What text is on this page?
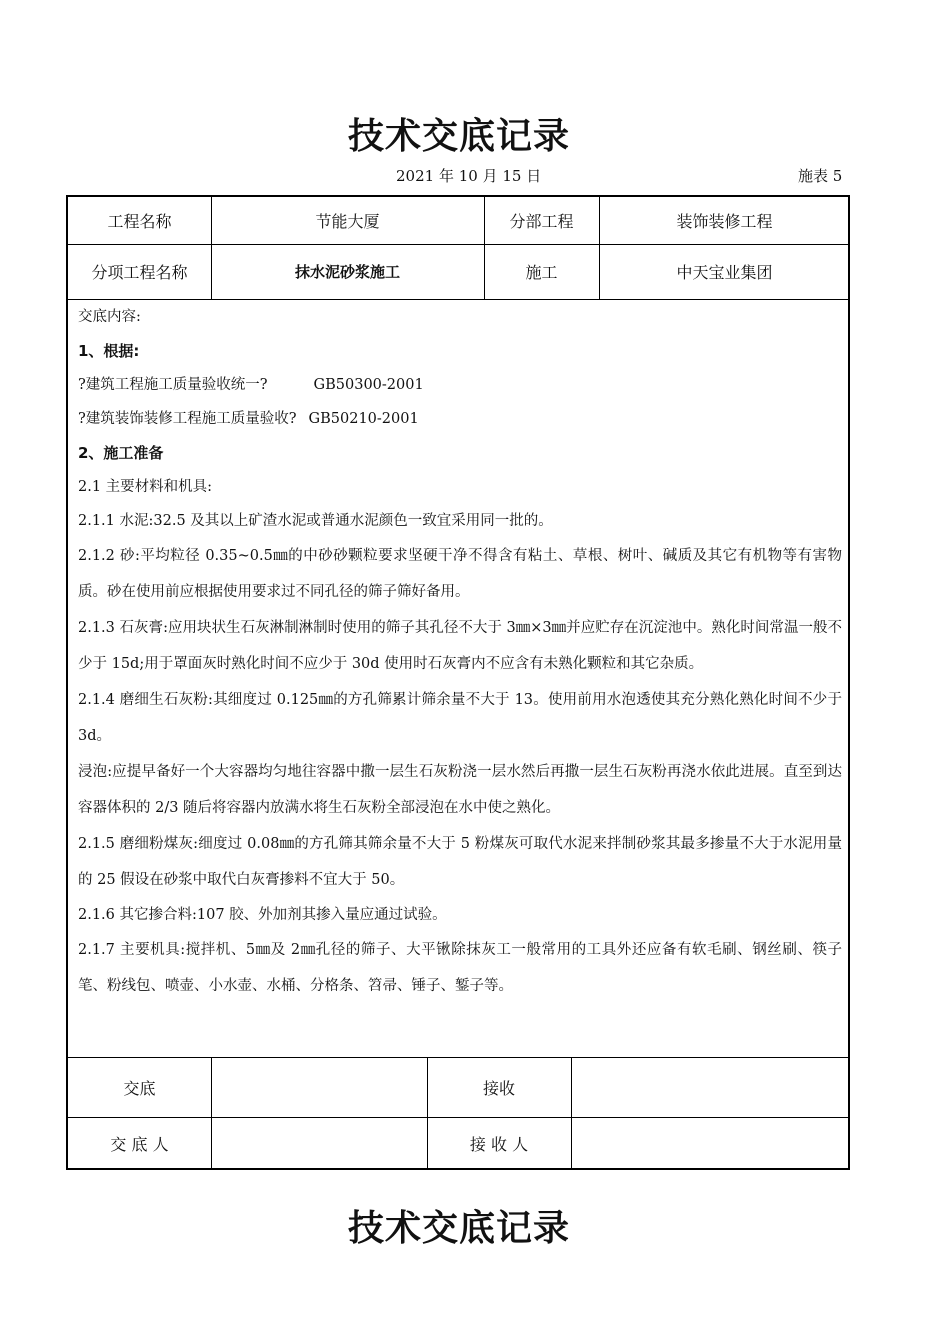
技术交底记录
2021 年 10 月 15 日	施表 5
工程名称	节能大厦	分部工程	装饰装修工程
分项工程名称	抹水泥砂浆施工	施工	中天宝业集团
交底内容:
1、根据:
?建筑工程施工质量验收统一?	GB50300-2001
?建筑装饰装修工程施工质量验收? GB50210-2001
2、施工准备
2.1 主要材料和机具:
2.1.1 水泥:32.5 及其以上矿渣水泥或普通水泥颜色一致宜采用同一批的。
2.1.2 砂:平均粒径 0.35~0.5㎜的中砂砂颗粒要求坚硬干净不得含有粘土、草根、树叶、碱质及其它有机物等有害物质。砂在使用前应根据使用要求过不同孔径的筛子筛好备用。
2.1.3 石灰膏:应用块状生石灰淋制淋制时使用的筛子其孔径不大于 3㎜×3㎜并应贮存在沉淀池中。熟化时间常温一般不少于 15d;用于罩面灰时熟化时间不应少于 30d 使用时石灰膏内不应含有未熟化颗粒和其它杂质。
2.1.4 磨细生石灰粉:其细度过 0.125㎜的方孔筛累计筛余量不大于 13。使用前用水泡透使其充分熟化熟化时间不少于 3d。
浸泡:应提早备好一个大容器均匀地往容器中撒一层生石灰粉浇一层水然后再撒一层生石灰粉再浇水依此进展。直至到达容器体积的 2/3 随后将容器内放满水将生石灰粉全部浸泡在水中使之熟化。
2.1.5 磨细粉煤灰:细度过 0.08㎜的方孔筛其筛余量不大于 5 粉煤灰可取代水泥来拌制砂浆其最多掺量不大于水泥用量的 25 假设在砂浆中取代白灰膏掺料不宜大于 50。
2.1.6 其它掺合料:107 胶、外加剂其掺入量应通过试验。
2.1.7 主要机具:搅拌机、5㎜及 2㎜孔径的筛子、大平锹除抹灰工一般常用的工具外还应备有软毛刷、钢丝刷、筷子笔、粉线包、喷壶、小水壶、水桶、分格条、笤帚、锤子、錾子等。
交底	接收
交 底 人	接 收 人
技术交底记录
